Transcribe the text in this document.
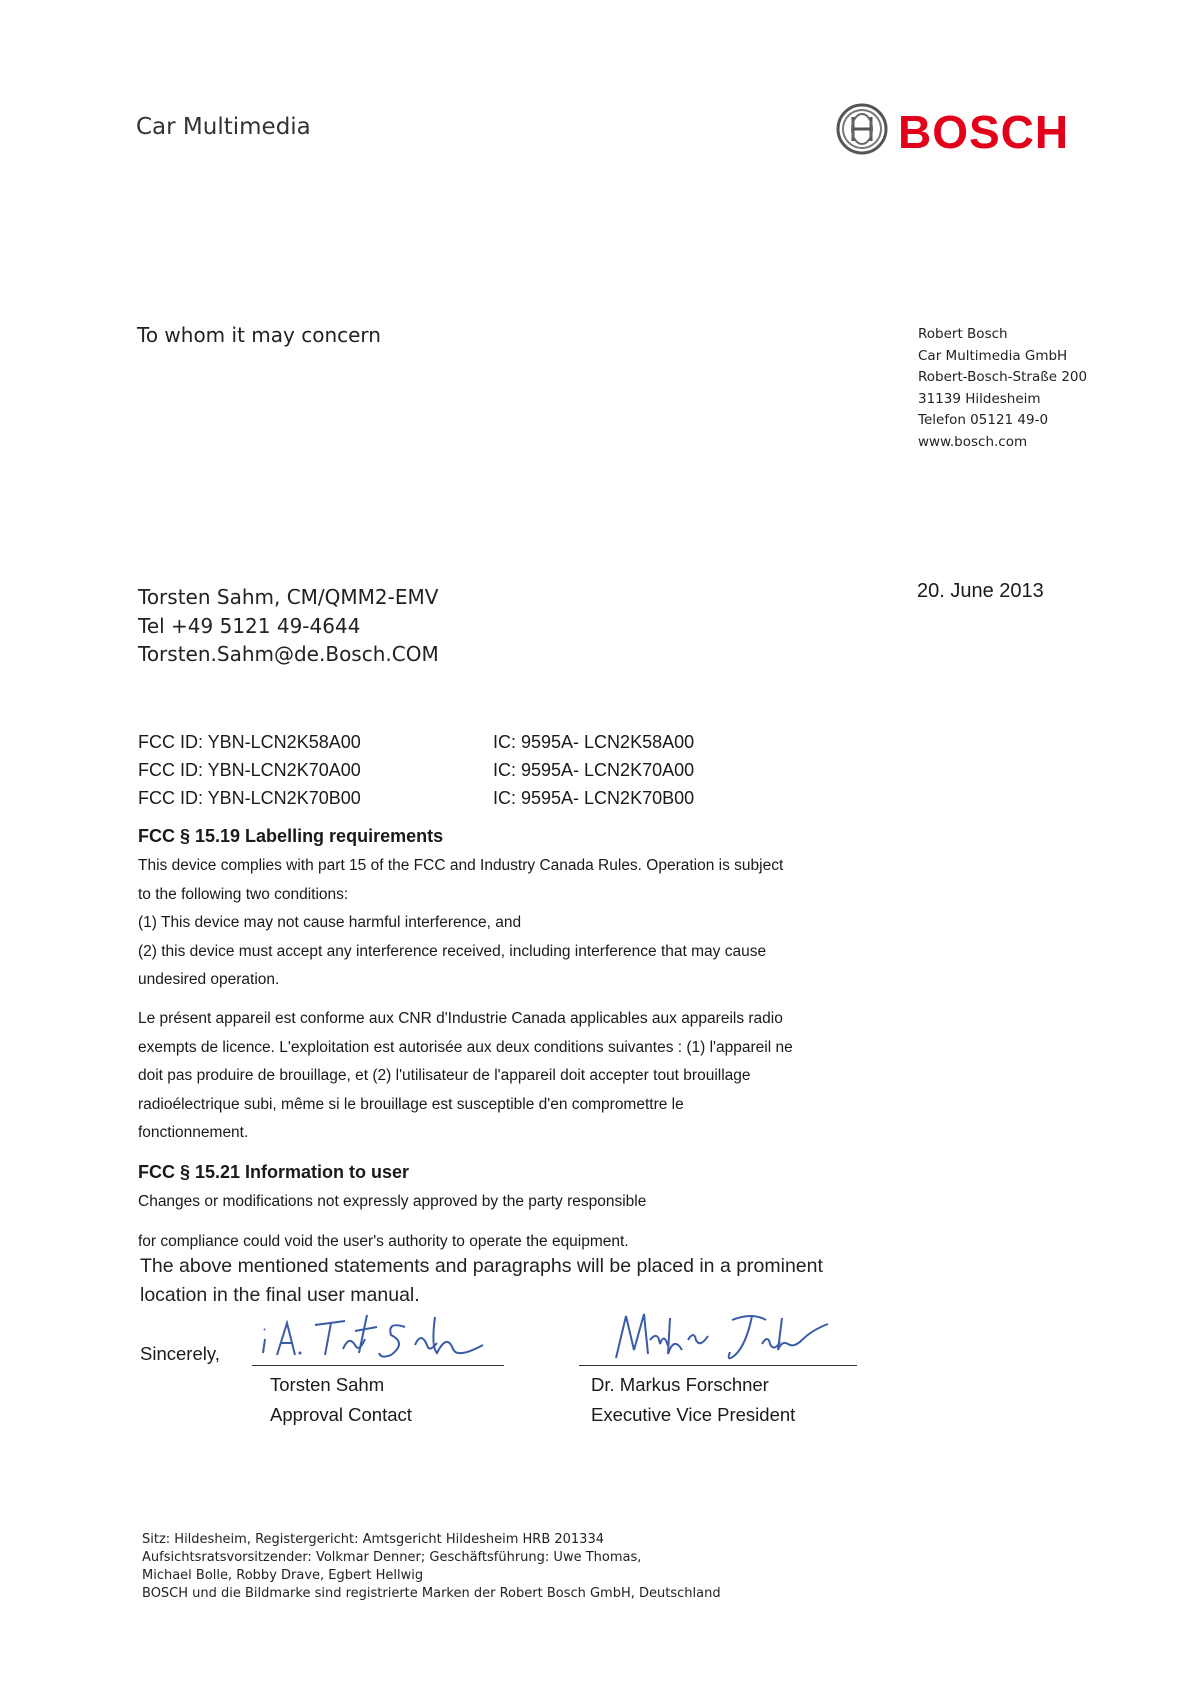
Car Multimedia	BOSCH
To whom it may concern	Robert Bosch
Car Multimedia GmbH
Robert-Bosch-Straße 200
31139 Hildesheim
Telefon 05121 49-0
www.bosch.com
20. June 2013
Torsten Sahm, CM/QMM2-EMV
Tel +49 5121 49-4644
Torsten.Sahm@de.Bosch.COM
FCC ID: YBN-LCN2K58A00
FCC ID: YBN-LCN2K70A00
FCC ID: YBN-LCN2K70B00
IC: 9595A- LCN2K58A00
IC: 9595A- LCN2K70A00
IC: 9595A- LCN2K70B00
FCC § 15.19 Labelling requirements
This device complies with part 15 of the FCC and Industry Canada Rules. Operation is subject
to the following two conditions:
(1) This device may not cause harmful interference, and
(2) this device must accept any interference received, including interference that may cause
undesired operation.
Le présent appareil est conforme aux CNR d'Industrie Canada applicables aux appareils radio
exempts de licence. L'exploitation est autorisée aux deux conditions suivantes : (1) l'appareil ne
doit pas produire de brouillage, et (2) l'utilisateur de l'appareil doit accepter tout brouillage
radioélectrique subi, même si le brouillage est susceptible d'en compromettre le
fonctionnement.
FCC § 15.21 Information to user
Changes or modifications not expressly approved by the party responsible
for compliance could void the user's authority to operate the equipment.
The above mentioned statements and paragraphs will be placed in a prominent
location in the final user manual.
Sincerely,
Torsten Sahm
Approval Contact
Dr. Markus Forschner
Executive Vice President
Sitz: Hildesheim, Registergericht: Amtsgericht Hildesheim HRB 201334
Aufsichtsratsvorsitzender: Volkmar Denner; Geschäftsführung: Uwe Thomas,
Michael Bolle, Robby Drave, Egbert Hellwig
BOSCH und die Bildmarke sind registrierte Marken der Robert Bosch GmbH, Deutschland
